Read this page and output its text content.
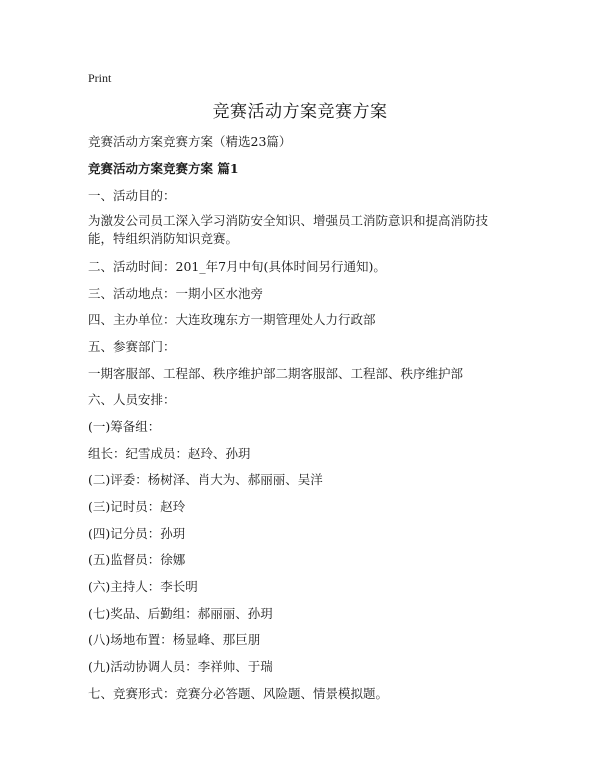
Print
竞赛活动方案竞赛方案

竞赛活动方案竞赛方案（精选23篇）

竞赛活动方案竞赛方案 篇1

一、活动目的：

为激发公司员工深入学习消防安全知识、增强员工消防意识和提高消防技能，特组织消防知识竞赛。

二、活动时间：201_年7月中旬(具体时间另行通知)。

三、活动地点：一期小区水池旁

四、主办单位：大连玫瑰东方一期管理处人力行政部

五、参赛部门：

一期客服部、工程部、秩序维护部二期客服部、工程部、秩序维护部

六、人员安排：

(一)筹备组：

组长：纪雪成员：赵玲、孙玥

(二)评委：杨树泽、肖大为、郝丽丽、吴洋

(三)记时员：赵玲

(四)记分员：孙玥

(五)监督员：徐娜

(六)主持人：李长明

(七)奖品、后勤组：郝丽丽、孙玥

(八)场地布置：杨显峰、那巨朋

(九)活动协调人员：李祥帅、于瑞

七、竞赛形式：竞赛分必答题、风险题、情景模拟题。
